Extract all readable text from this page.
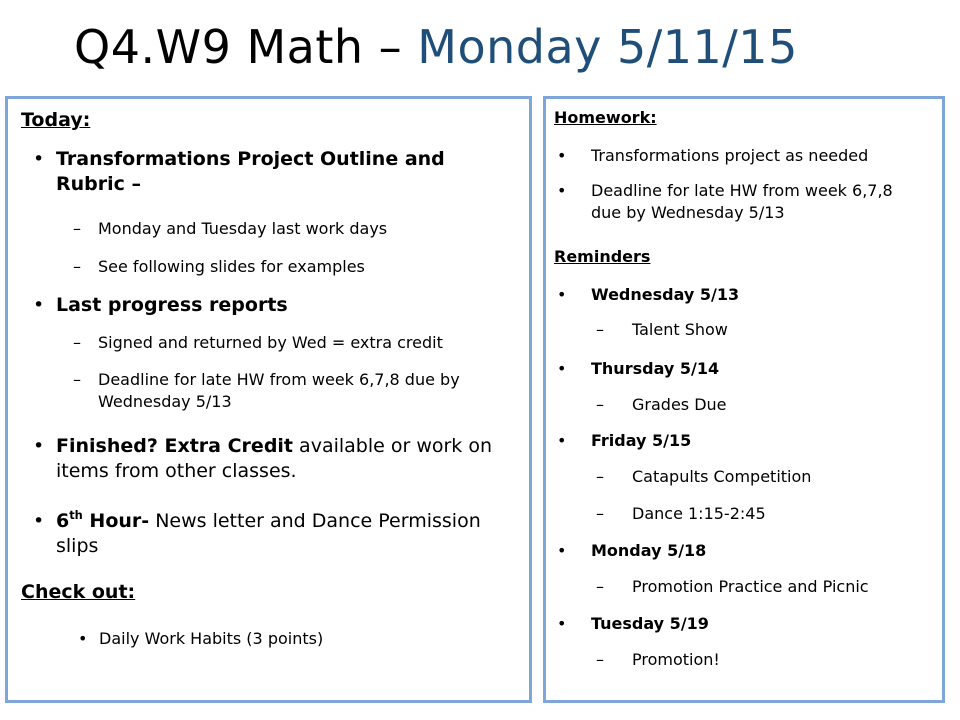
Q4.W9 Math – Monday 5/11/15
Today:
• Transformations Project Outline and Rubric –
– Monday and Tuesday last work days
– See following slides for examples
• Last progress reports
– Signed and returned by Wed = extra credit
– Deadline for late HW from week 6,7,8 due by Wednesday 5/13
• Finished? Extra Credit available or work on items from other classes.
• 6th Hour- News letter and Dance Permission slips
Check out:
• Daily Work Habits (3 points)
Homework:
• Transformations project as needed
• Deadline for late HW from week 6,7,8 due by Wednesday 5/13
Reminders
• Wednesday 5/13
– Talent Show
• Thursday 5/14
– Grades Due
• Friday 5/15
– Catapults Competition
– Dance 1:15-2:45
• Monday 5/18
– Promotion Practice and Picnic
• Tuesday 5/19
– Promotion!
